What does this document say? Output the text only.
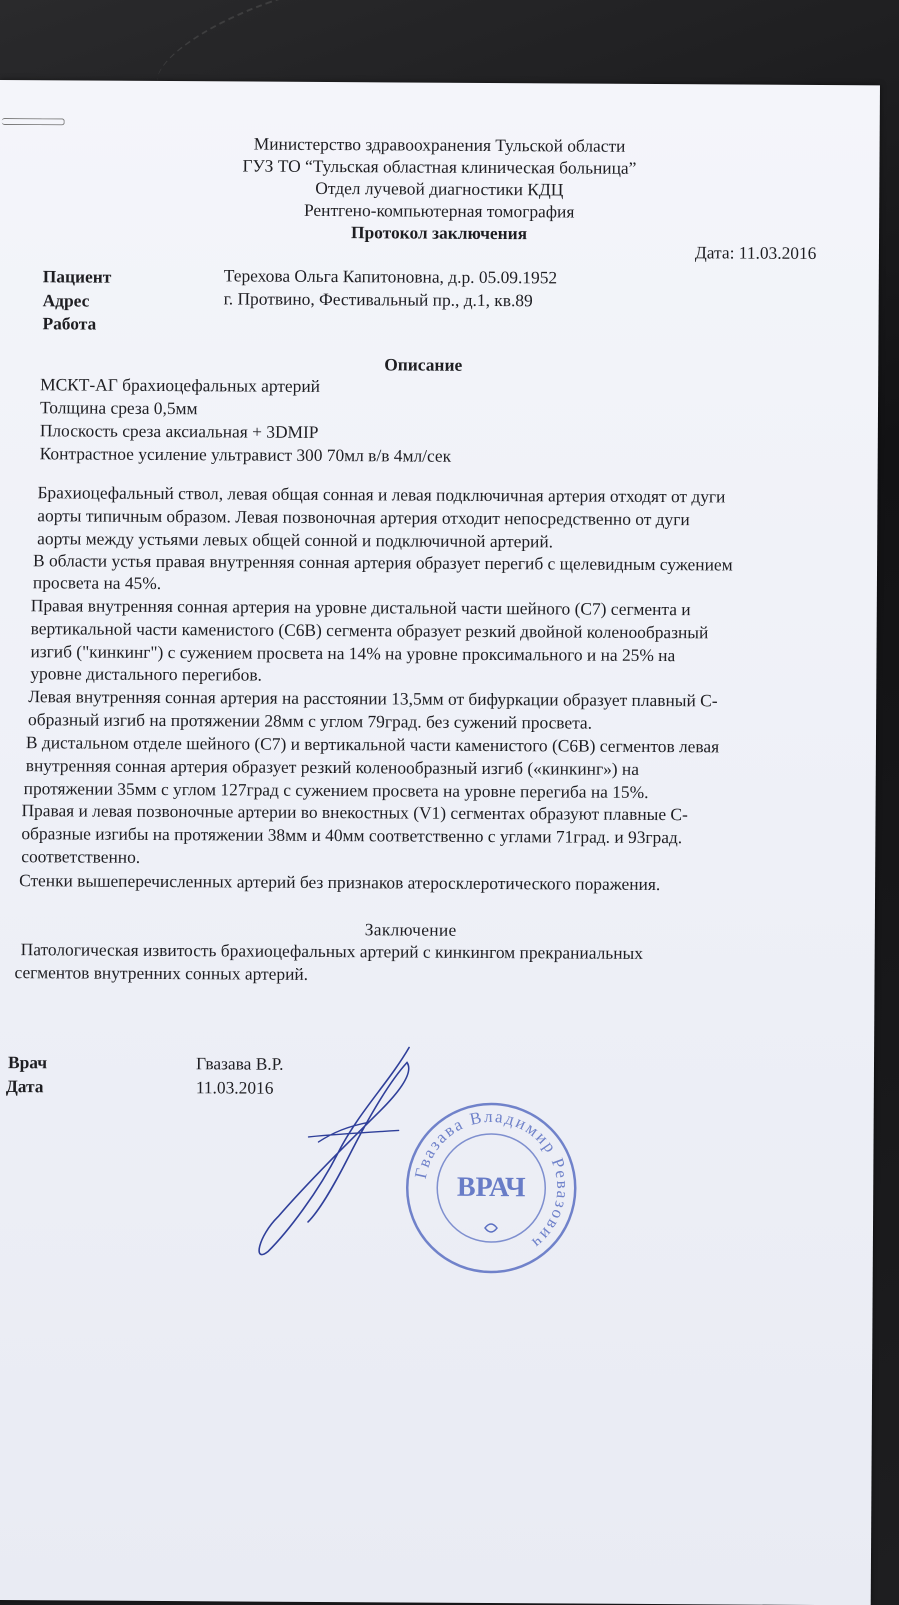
Министерство здравоохранения Тульской области
ГУЗ ТО “Тульская областная клиническая больница”
Отдел лучевой диагностики КДЦ
Рентгено-компьютерная томография
Протокол заключения
Дата: 11.03.2016
Пациент	Терехова Ольга Капитоновна, д.р. 05.09.1952
Адрес	г. Протвино, Фестивальный пр., д.1, кв.89
Работа
Описание
МСКТ-АГ брахиоцефальных артерий
Толщина среза 0,5мм
Плоскость среза аксиальная + 3DMIP
Контрастное усиление ультравист 300 70мл в/в 4мл/сек
Брахиоцефальный ствол, левая общая сонная и левая подключичная артерия отходят от дуги
аорты типичным образом. Левая позвоночная артерия отходит непосредственно от дуги
аорты между устьями левых общей сонной и подключичной артерий.
В области устья правая внутренняя сонная артерия образует перегиб с щелевидным сужением
просвета на 45%.
Правая внутренняя сонная артерия на уровне дистальной части шейного (С7) сегмента и
вертикальной части каменистого (С6В) сегмента образует резкий двойной коленообразный
изгиб ("кинкинг") с сужением просвета на 14% на уровне проксимального и на 25% на
уровне дистального перегибов.
Левая внутренняя сонная артерия на расстоянии 13,5мм от бифуркации образует плавный С-
образный изгиб на протяжении 28мм с углом 79град. без сужений просвета.
В дистальном отделе шейного (С7) и вертикальной части каменистого (С6В) сегментов левая
внутренняя сонная артерия образует резкий коленообразный изгиб («кинкинг») на
протяжении 35мм с углом 127град с сужением просвета на уровне перегиба на 15%.
Правая и левая позвоночные артерии во внекостных (V1) сегментах образуют плавные С-
образные изгибы на протяжении 38мм и 40мм соответственно с углами 71град. и 93град.
соответственно.
Стенки вышеперечисленных артерий без признаков атеросклеротического поражения.
Заключение
Патологическая извитость брахиоцефальных артерий с кинкингом прекраниальных
сегментов внутренних сонных артерий.
Врач	Гвазава В.Р.
Дата	11.03.2016
Гвазава Владимир Ревазович
ВРАЧ
